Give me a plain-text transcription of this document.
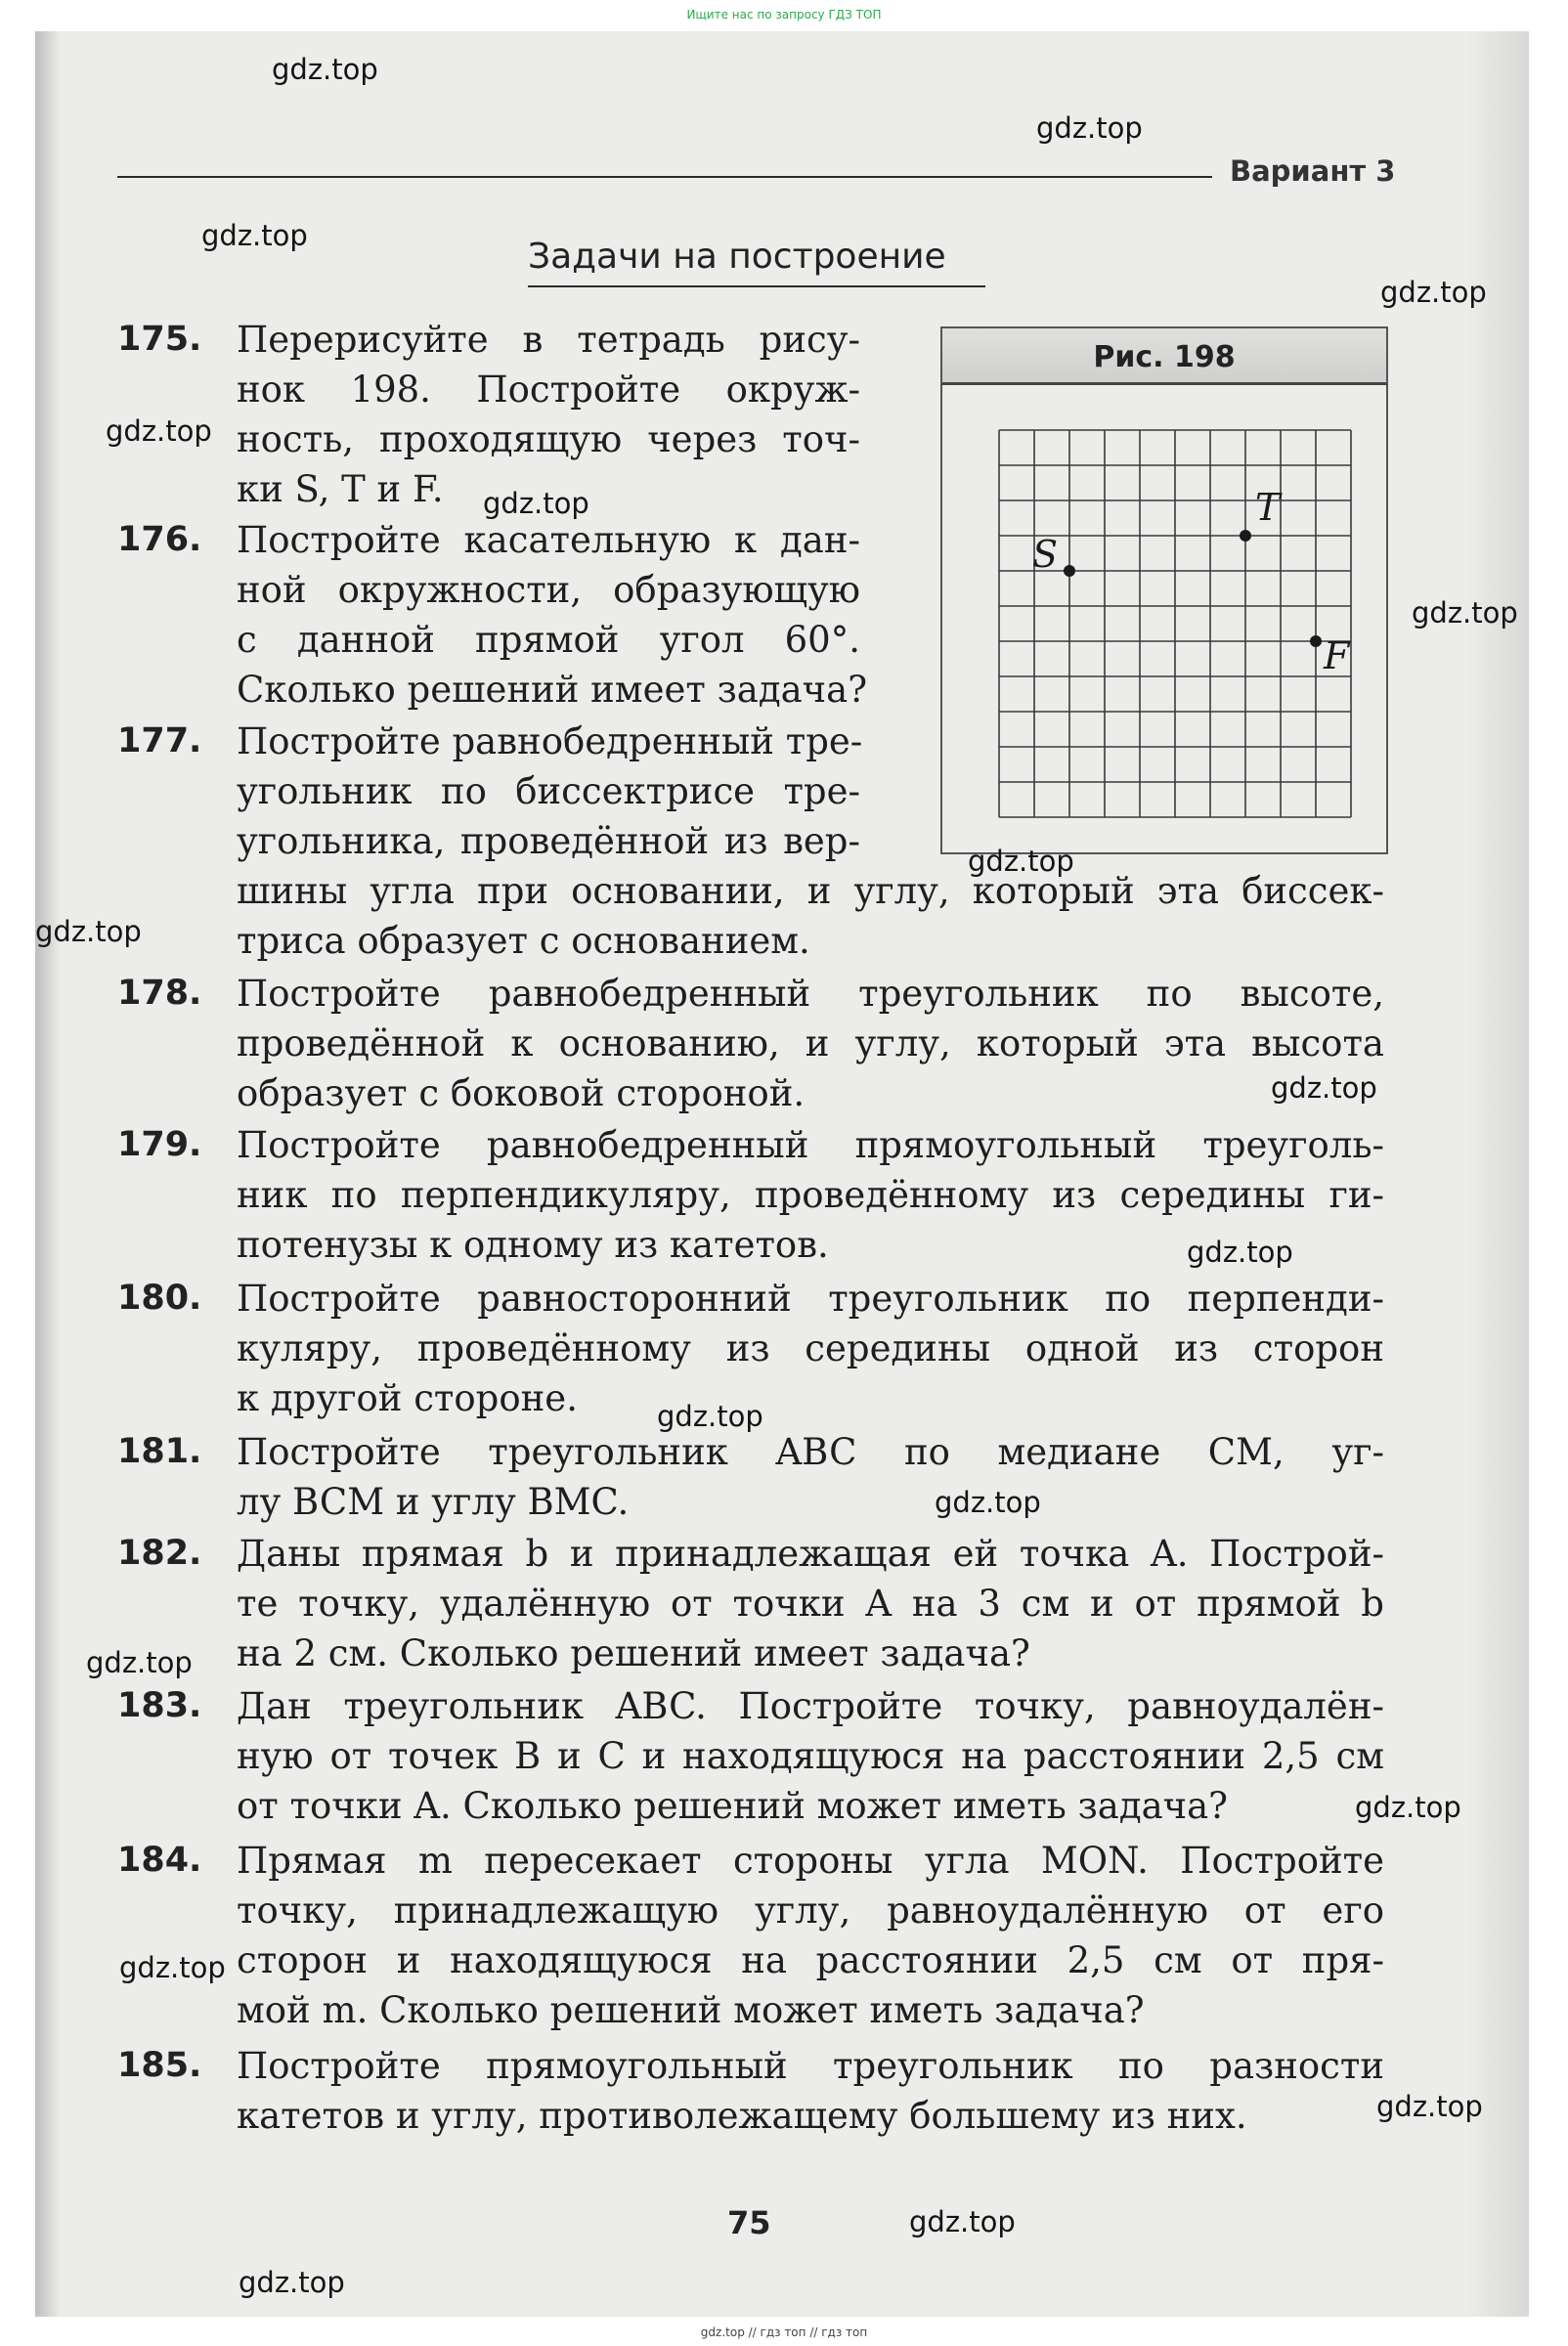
Ищите нас по запросу ГДЗ ТОП
Вариант 3
Задачи на построение
Рис. 198
S
T
F
175. Перерисуйте в тетрадь рису-
нок 198. Постройте окруж-
ность, проходящую через точ-
ки S, T и F.
176. Постройте касательную к дан-
ной окружности, образующую
с данной прямой угол 60°.
Сколько решений имеет задача?
177. Постройте равнобедренный тре-
угольник по биссектрисе тре-
угольника, проведённой из вер-
шины угла при основании, и углу, который эта биссек-
триса образует с основанием.
178. Постройте равнобедренный треугольник по высоте,
проведённой к основанию, и углу, который эта высота
образует с боковой стороной.
179. Постройте равнобедренный прямоугольный треуголь-
ник по перпендикуляру, проведённому из середины ги-
потенузы к одному из катетов.
180. Постройте равносторонний треугольник по перпенди-
куляру, проведённому из середины одной из сторон
к другой стороне.
181. Постройте треугольник ABC по медиане CM, уг-
лу BCM и углу BMC.
182. Даны прямая b и принадлежащая ей точка A. Построй-
те точку, удалённую от точки A на 3 см и от прямой b
на 2 см. Сколько решений имеет задача?
183. Дан треугольник ABC. Постройте точку, равноудалён-
ную от точек B и C и находящуюся на расстоянии 2,5 см
от точки A. Сколько решений может иметь задача?
184. Прямая m пересекает стороны угла MON. Постройте
точку, принадлежащую углу, равноудалённую от его
сторон и находящуюся на расстоянии 2,5 см от пря-
мой m. Сколько решений может иметь задача?
185. Постройте прямоугольный треугольник по разности
катетов и углу, противолежащему большему из них.
75
gdz.top
gdz.top
gdz.top
gdz.top
gdz.top
gdz.top
gdz.top
gdz.top
gdz.top
gdz.top
gdz.top
gdz.top
gdz.top
gdz.top
gdz.top
gdz.top
gdz.top
gdz.top
gdz.top
gdz.top // гдз топ // гдз топ
